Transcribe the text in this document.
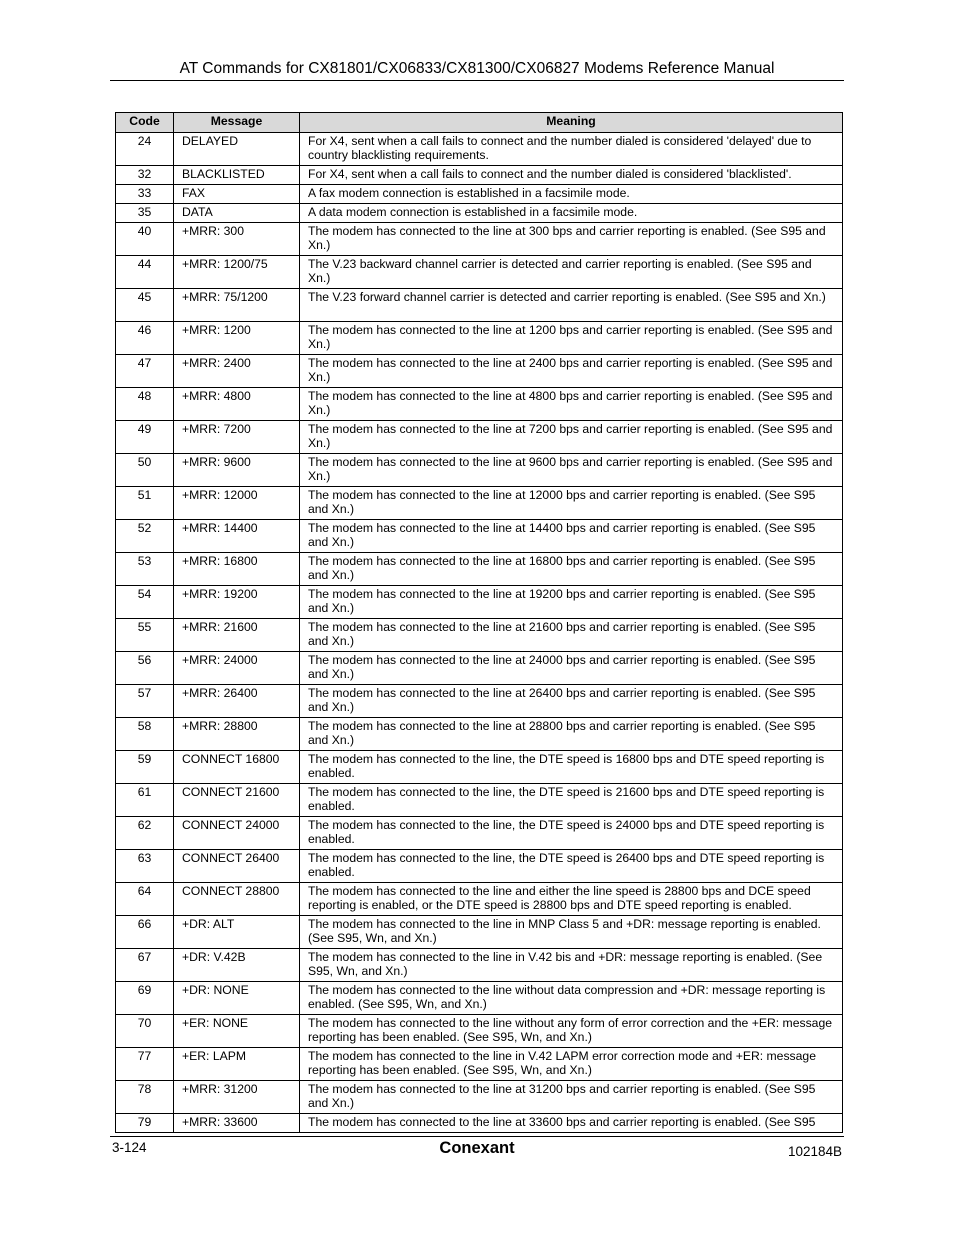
AT Commands for CX81801/CX06833/CX81300/CX06827 Modems Reference Manual
Code	Message	Meaning
24	DELAYED	For X4, sent when a call fails to connect and the number dialed is considered 'delayed' due to country blacklisting requirements.
32	BLACKLISTED	For X4, sent when a call fails to connect and the number dialed is considered 'blacklisted'.
33	FAX	A fax modem connection is established in a facsimile mode.
35	DATA	A data modem connection is established in a facsimile mode.
40	+MRR: 300	The modem has connected to the line at 300 bps and carrier reporting is enabled. (See S95 and Xn.)
44	+MRR: 1200/75	The V.23 backward channel carrier is detected and carrier reporting is enabled. (See S95 and Xn.)
45	+MRR: 75/1200	The V.23 forward channel carrier is detected and carrier reporting is enabled. (See S95 and Xn.)
46	+MRR: 1200	The modem has connected to the line at 1200 bps and carrier reporting is enabled. (See S95 and Xn.)
47	+MRR: 2400	The modem has connected to the line at 2400 bps and carrier reporting is enabled. (See S95 and Xn.)
48	+MRR: 4800	The modem has connected to the line at 4800 bps and carrier reporting is enabled. (See S95 and Xn.)
49	+MRR: 7200	The modem has connected to the line at 7200 bps and carrier reporting is enabled. (See S95 and Xn.)
50	+MRR: 9600	The modem has connected to the line at 9600 bps and carrier reporting is enabled. (See S95 and Xn.)
51	+MRR: 12000	The modem has connected to the line at 12000 bps and carrier reporting is enabled. (See S95 and Xn.)
52	+MRR: 14400	The modem has connected to the line at 14400 bps and carrier reporting is enabled. (See S95 and Xn.)
53	+MRR: 16800	The modem has connected to the line at 16800 bps and carrier reporting is enabled. (See S95 and Xn.)
54	+MRR: 19200	The modem has connected to the line at 19200 bps and carrier reporting is enabled. (See S95 and Xn.)
55	+MRR: 21600	The modem has connected to the line at 21600 bps and carrier reporting is enabled. (See S95 and Xn.)
56	+MRR: 24000	The modem has connected to the line at 24000 bps and carrier reporting is enabled. (See S95 and Xn.)
57	+MRR: 26400	The modem has connected to the line at 26400 bps and carrier reporting is enabled. (See S95 and Xn.)
58	+MRR: 28800	The modem has connected to the line at 28800 bps and carrier reporting is enabled. (See S95 and Xn.)
59	CONNECT 16800	The modem has connected to the line, the DTE speed is 16800 bps and DTE speed reporting is enabled.
61	CONNECT 21600	The modem has connected to the line, the DTE speed is 21600 bps and DTE speed reporting is enabled.
62	CONNECT 24000	The modem has connected to the line, the DTE speed is 24000 bps and DTE speed reporting is enabled.
63	CONNECT 26400	The modem has connected to the line, the DTE speed is 26400 bps and DTE speed reporting is enabled.
64	CONNECT 28800	The modem has connected to the line and either the line speed is 28800 bps and DCE speed reporting is enabled, or the DTE speed is 28800 bps and DTE speed reporting is enabled.
66	+DR: ALT	The modem has connected to the line in MNP Class 5 and +DR: message reporting is enabled. (See S95, Wn, and Xn.)
67	+DR: V.42B	The modem has connected to the line in V.42 bis and +DR: message reporting is enabled. (See S95, Wn, and Xn.)
69	+DR: NONE	The modem has connected to the line without data compression and +DR: message reporting is enabled. (See S95, Wn, and Xn.)
70	+ER: NONE	The modem has connected to the line without any form of error correction and the +ER: message reporting has been enabled. (See S95, Wn, and Xn.)
77	+ER: LAPM	The modem has connected to the line in V.42 LAPM error correction mode and +ER: message reporting has been enabled. (See S95, Wn, and Xn.)
78	+MRR: 31200	The modem has connected to the line at 31200 bps and carrier reporting is enabled. (See S95 and Xn.)
79	+MRR: 33600	The modem has connected to the line at 33600 bps and carrier reporting is enabled. (See S95
3-124	Conexant	102184B
